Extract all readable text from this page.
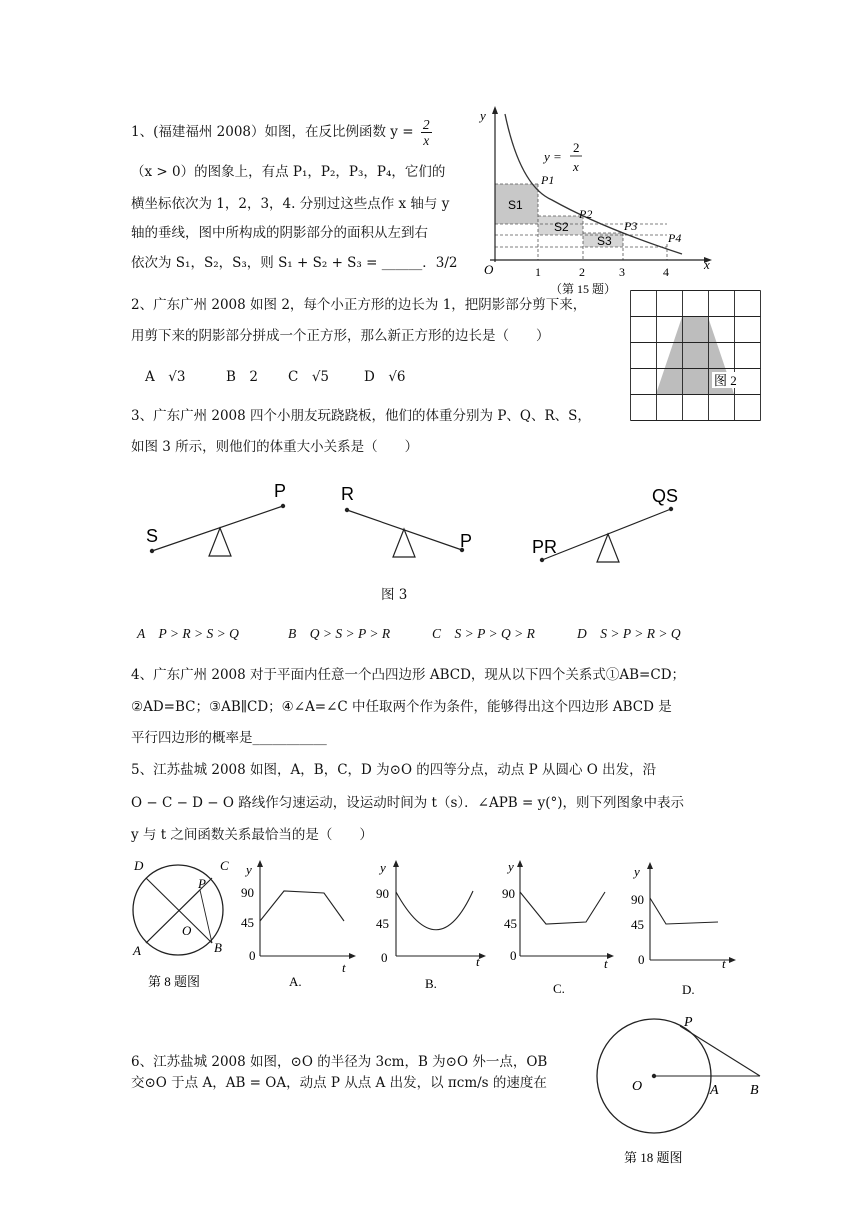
1、(福建福州 2008）如图，在反比例函数 $y = \frac{2}{x}$
（x > 0）的图象上，有点 P₁，P₂，P₃，P₄，它们的
横坐标依次为 1，2，3，4. 分别过这些点作 x 轴与 y
轴的垂线，图中所构成的阴影部分的面积从左到右
依次为 S₁，S₂，S₃，则 S₁ + S₂ + S₃ = ______．3/2
y
x
O
y =
2
x
P1
P2
P3
P4
S1
S2
S3
1	2	3	4
（第 15 题）
2、广东广州 2008 如图 2，每个小正方形的边长为 1，把阴影部分剪下来，
用剪下来的阴影部分拼成一个正方形，那么新正方形的边长是（　　）
A　√3	B　2 C　√5	D　√6	图 2
3、广东广州 2008 四个小朋友玩跷跷板，他们的体重分别为 P、Q、R、S，
如图 3 所示，则他们的体重大小关系是（　　）
S
P	R
P	PR
QS
图 3
A　P > R > S > Q	B　Q > S > P > R	C　S > P > Q > R	D　S > P > R > Q
4、广东广州 2008 对于平面内任意一个凸四边形 ABCD，现从以下四个关系式①AB=CD；
②AD=BC；③AB∥CD；④∠A=∠C 中任取两个作为条件，能够得出这个四边形 ABCD 是
平行四边形的概率是___________
5、江苏盐城 2008 如图，A，B，C，D 为⊙O 的四等分点，动点 P 从圆心 O 出发，沿
O − C − D − O 路线作匀速运动，设运动时间为 t（s）．∠APB = y(°)，则下列图象中表示
y 与 t 之间函数关系最恰当的是（　　）
D	C
P
O
A	B
第 8 题图
y
t
0
90
45
A.
y
t
0
90
45
B.
y
t
0
90
45
C.
y
t
0
90
45
D.
6、江苏盐城 2008 如图，⊙O 的半径为 3cm，B 为⊙O 外一点，OB
交⊙O 于点 A，AB = OA，动点 P 从点 A 出发，以 πcm/s 的速度在
P
O	A B
第 18 题图
